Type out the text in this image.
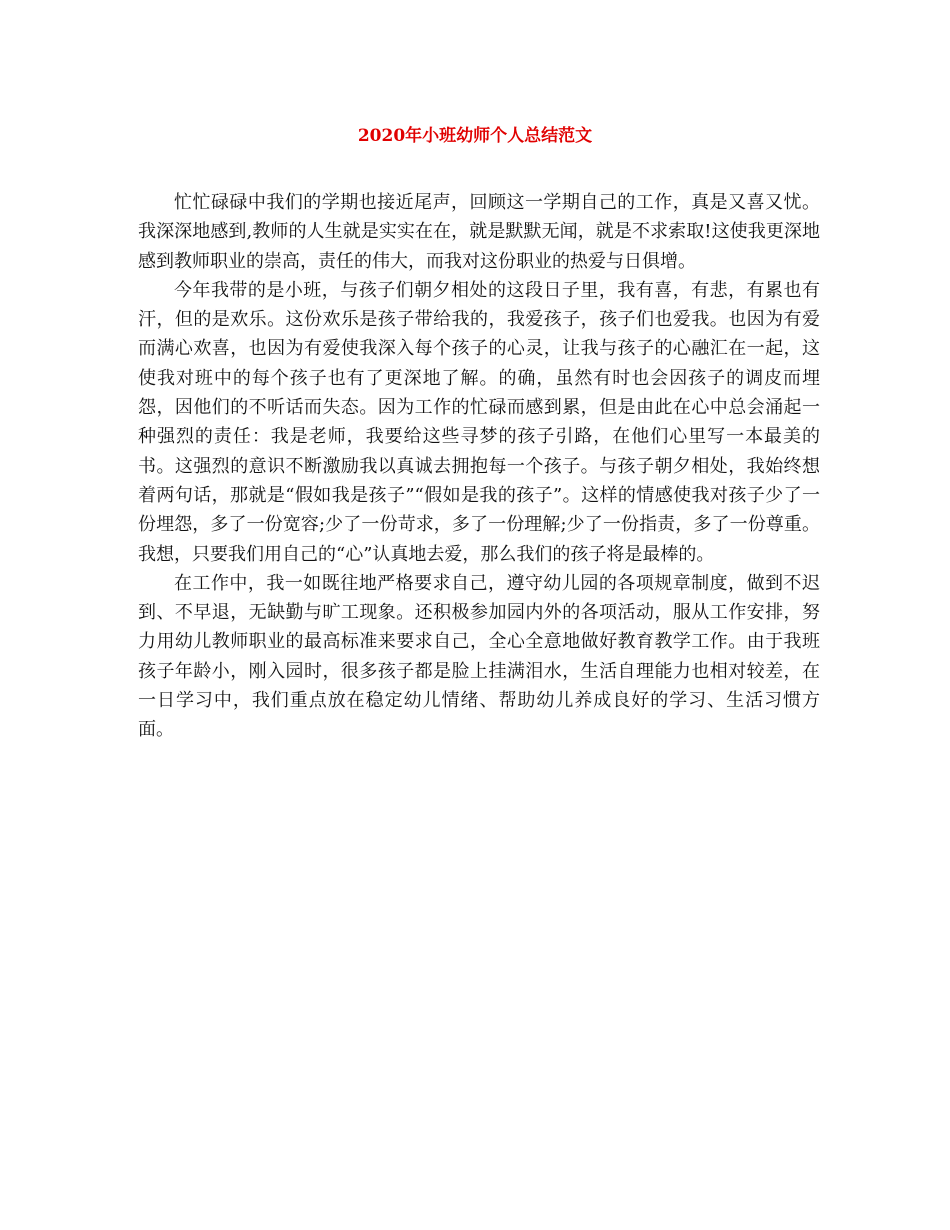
2020年小班幼师个人总结范文

忙忙碌碌中我们的学期也接近尾声，回顾这一学期自己的工作，真是又喜又忧。我深深地感到,教师的人生就是实实在在，就是默默无闻，就是不求索取!这使我更深地感到教师职业的崇高，责任的伟大，而我对这份职业的热爱与日俱增。

今年我带的是小班，与孩子们朝夕相处的这段日子里，我有喜，有悲，有累也有汗，但的是欢乐。这份欢乐是孩子带给我的，我爱孩子，孩子们也爱我。也因为有爱而满心欢喜，也因为有爱使我深入每个孩子的心灵，让我与孩子的心融汇在一起，这使我对班中的每个孩子也有了更深地了解。的确，虽然有时也会因孩子的调皮而埋怨，因他们的不听话而失态。因为工作的忙碌而感到累，但是由此在心中总会涌起一种强烈的责任：我是老师，我要给这些寻梦的孩子引路，在他们心里写一本最美的书。这强烈的意识不断激励我以真诚去拥抱每一个孩子。与孩子朝夕相处，我始终想着两句话，那就是“假如我是孩子”“假如是我的孩子”。这样的情感使我对孩子少了一份埋怨，多了一份宽容;少了一份苛求，多了一份理解;少了一份指责，多了一份尊重。我想，只要我们用自己的“心”认真地去爱，那么我们的孩子将是最棒的。

在工作中，我一如既往地严格要求自己，遵守幼儿园的各项规章制度，做到不迟到、不早退，无缺勤与旷工现象。还积极参加园内外的各项活动，服从工作安排，努力用幼儿教师职业的最高标准来要求自己，全心全意地做好教育教学工作。由于我班孩子年龄小，刚入园时，很多孩子都是脸上挂满泪水，生活自理能力也相对较差，在一日学习中，我们重点放在稳定幼儿情绪、帮助幼儿养成良好的学习、生活习惯方面。
